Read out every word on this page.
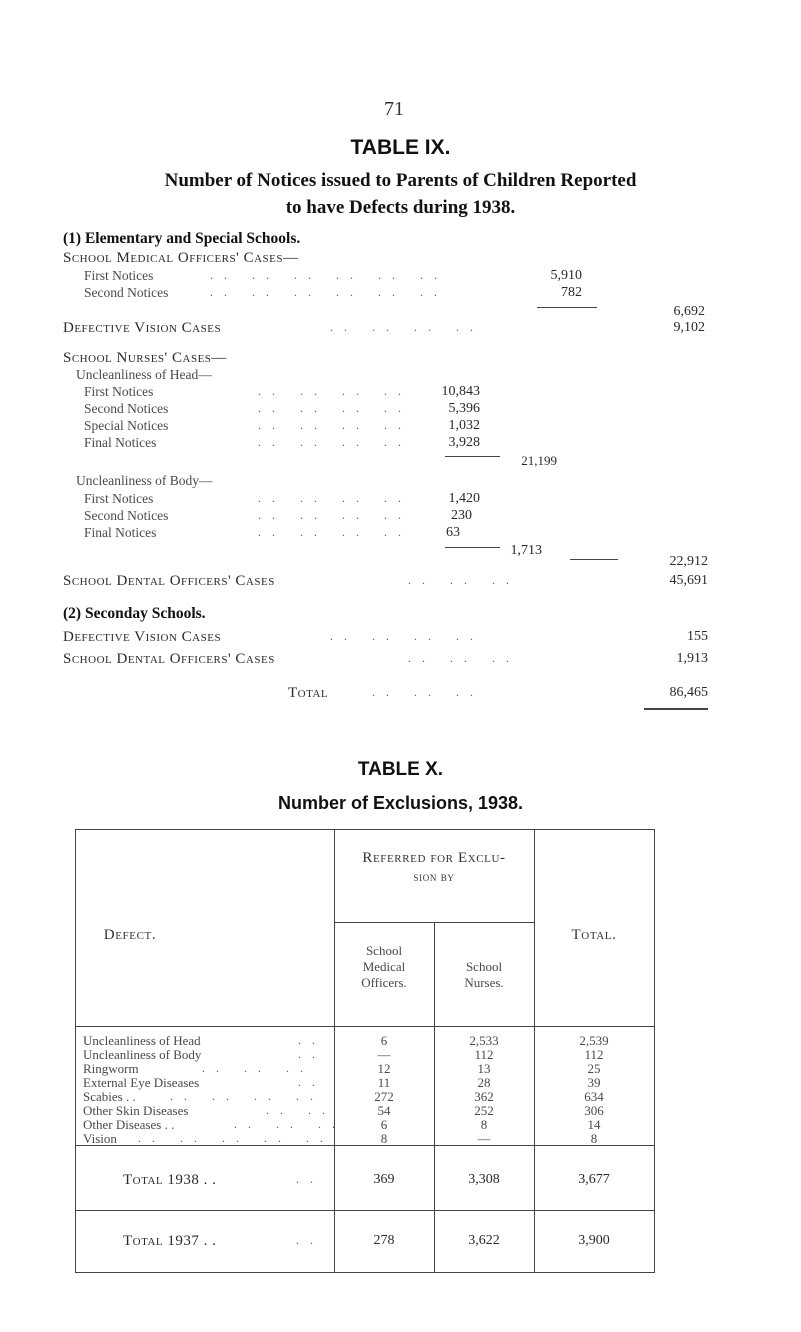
71
TABLE IX.
Number of Notices issued to Parents of Children Reported
to have Defects during 1938.
(1) Elementary and Special Schools.
School Medical Officers' Cases—
First Notices	. .   . .   . .   . .   . .   . .	5,910
Second Notices	. .   . .   . .   . .   . .   . .	782
6,692
Defective Vision Cases	. .   . .   . .   . .	9,102
School Nurses' Cases—
Uncleanliness of Head—
First Notices	. .   . .   . .   . .	10,843
Second Notices	. .   . .   . .   . .	5,396
Special Notices	. .   . .   . .   . .	1,032
Final Notices	. .   . .   . .   . .	3,928
21,199
Uncleanliness of Body—
First Notices	. .   . .   . .   . .	1,420
Second Notices	. .   . .   . .   . .	230
Final Notices	. .   . .   . .   . .	63
1,713
22,912
School Dental Officers' Cases	. .   . .   . .	45,691
(2) Seconday Schools.
Defective Vision Cases	. .   . .   . .   . .	155
School Dental Officers' Cases	. .   . .   . .	1,913
Total	. .   . .   . .	86,465
TABLE X.
Number of Exclusions, 1938.
Defect.
Referred for Exclu-
sion by
School
Medical
Officers.
School
Nurses.
Total.
Uncleanliness of Head	. .	6	2,533	2,539
Uncleanliness of Body	. .	—	112	112
Ringworm	. .   . .   . .	12	13	25
External Eye Diseases	. .	11	28	39
Scabies . .	. .   . .   . .   . .	272	362	634
Other Skin Diseases	. .   . .	54	252	306
Other Diseases . .	. .   . .   . .	6	8	14
Vision . .   . .   . .   . .   . .	8	—	8
Total 1938 . .	. .	369	3,308	3,677
Total 1937 . .	. .	278	3,622	3,900
